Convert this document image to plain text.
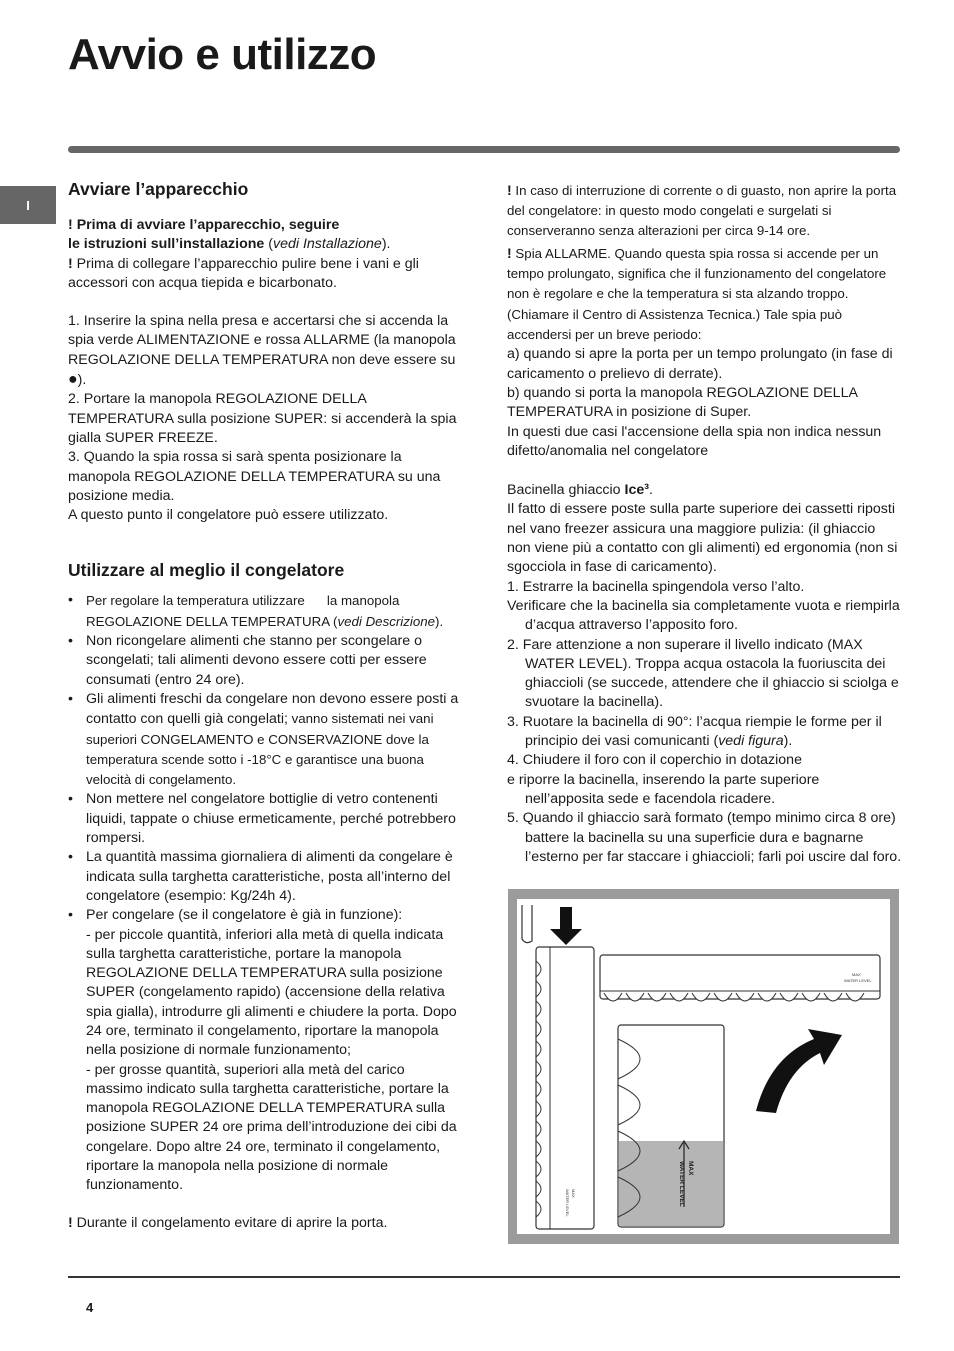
Avvio e utilizzo
I
Avviare l’apparecchio

! Prima di avviare l’apparecchio, seguire
le istruzioni sull’installazione (vedi Installazione).

! Prima di collegare l’apparecchio pulire bene i vani e gli accessori con acqua tiepida e bicarbonato.

1. Inserire la spina nella presa e accertarsi che si accenda la spia verde ALIMENTAZIONE e rossa ALLARME (la manopola REGOLAZIONE DELLA TEMPERATURA non deve essere su ●).

2. Portare la manopola REGOLAZIONE DELLA TEMPERATURA sulla posizione SUPER: si accenderà la spia gialla SUPER FREEZE.

3. Quando la spia rossa si sarà spenta posizionare la manopola REGOLAZIONE DELLA TEMPERATURA su una posizione media.

A questo punto il congelatore può essere utilizzato.

Utilizzare al meglio il congelatore
• Per regolare la temperatura utilizzare      la manopola REGOLAZIONE DELLA TEMPERATURA (vedi Descrizione).
• Non ricongelare alimenti che stanno per scongelare o scongelati; tali alimenti devono essere cotti per essere consumati (entro 24 ore).
• Gli alimenti freschi da congelare non devono essere posti a contatto con quelli già congelati; vanno sistemati nei vani superiori CONGELAMENTO e CONSERVAZIONE dove la temperatura scende sotto i -18°C e garantisce una buona velocità di congelamento.
• Non mettere nel congelatore bottiglie di vetro contenenti liquidi, tappate o chiuse ermeticamente, perché potrebbero rompersi.
• La quantità massima giornaliera di alimenti da congelare è indicata sulla targhetta caratteristiche, posta all’interno del congelatore (esempio: Kg/24h 4).
• Per congelare (se il congelatore è già in funzione):
- per piccole quantità, inferiori alla metà di quella indicata sulla targhetta caratteristiche, portare la manopola REGOLAZIONE DELLA TEMPERATURA sulla posizione SUPER (congelamento rapido) (accensione della relativa spia gialla), introdurre gli alimenti e chiudere la porta. Dopo 24 ore, terminato il congelamento, riportare la manopola nella posizione di normale funzionamento;
- per grosse quantità, superiori alla metà del carico massimo indicato sulla targhetta caratteristiche, portare la manopola REGOLAZIONE DELLA TEMPERATURA sulla posizione SUPER 24 ore prima dell’introduzione dei cibi da congelare. Dopo altre 24 ore, terminato il congelamento, riportare la manopola nella posizione di normale funzionamento.

! Durante il congelamento evitare di aprire la porta.

! In caso di interruzione di corrente o di guasto, non aprire la porta del congelatore: in questo modo congelati e surgelati si conserveranno senza alterazioni per circa 9-14 ore.

! Spia ALLARME. Quando questa spia rossa si accende per un tempo prolungato, significa che il funzionamento del congelatore non è regolare e che la temperatura si sta alzando troppo. (Chiamare il Centro di Assistenza Tecnica.) Tale spia può accendersi per un breve periodo:

a) quando si apre la porta per un tempo prolungato (in fase di caricamento o prelievo di derrate).

b) quando si porta la manopola REGOLAZIONE DELLA TEMPERATURA in posizione di Super.

In questi due casi l'accensione della spia non indica nessun difetto/anomalia nel congelatore

Bacinella ghiaccio Ice³.

Il fatto di essere poste sulla parte superiore dei cassetti riposti nel vano freezer assicura una maggiore pulizia: (il ghiaccio non viene più a contatto con gli alimenti) ed ergonomia (non si sgocciola in fase di caricamento).

1. Estrarre la bacinella spingendola verso l’alto.

Verificare che la bacinella sia completamente vuota e riempirla d’acqua attraverso l’apposito foro.

2. Fare attenzione a non superare il livello indicato (MAX WATER LEVEL). Troppa acqua ostacola la fuoriuscita dei ghiaccioli (se succede, attendere che il ghiaccio si sciolga e svuotare la bacinella).

3. Ruotare la bacinella di 90°: l’acqua riempie le forme per il principio dei vasi comunicanti (vedi figura).

4. Chiudere il foro con il coperchio in dotazione

e riporre la bacinella, inserendo la parte superiore nell’apposita sede e facendola ricadere.

5. Quando il ghiaccio sarà formato (tempo minimo circa 8 ore) battere la bacinella su una superficie dura e bagnarne l’esterno per far staccare i ghiaccioli; farli poi uscire dal foro.

MAX
WATER LEVEL
MAX
WATER LEVEL
MAX
WATER LEVEL
4
